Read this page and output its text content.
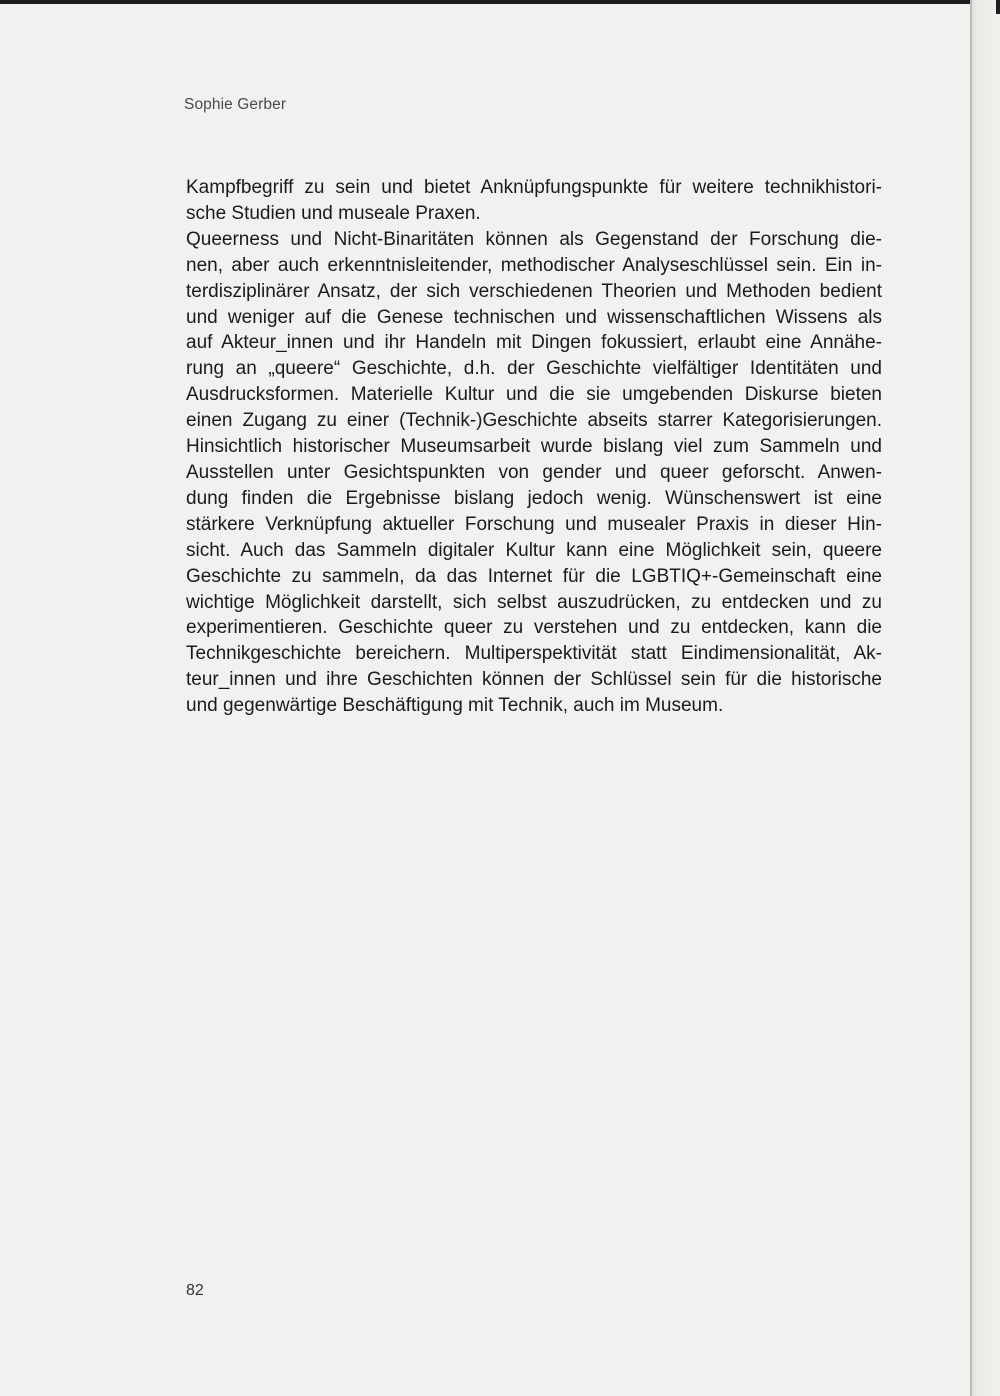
Sophie Gerber
Kampfbegriff zu sein und bietet Anknüpfungspunkte für weitere technikhistori-
sche Studien und museale Praxen.
Queerness und Nicht-Binaritäten können als Gegenstand der Forschung die-
nen, aber auch erkenntnisleitender, methodischer Analyseschlüssel sein. Ein in-
terdisziplinärer Ansatz, der sich verschiedenen Theorien und Methoden bedient
und weniger auf die Genese technischen und wissenschaftlichen Wissens als
auf Akteur_innen und ihr Handeln mit Dingen fokussiert, erlaubt eine Annähe-
rung an „queere“ Geschichte, d.h. der Geschichte vielfältiger Identitäten und
Ausdrucksformen. Materielle Kultur und die sie umgebenden Diskurse bieten
einen Zugang zu einer (Technik-)Geschichte abseits starrer Kategorisierungen.
Hinsichtlich historischer Museumsarbeit wurde bislang viel zum Sammeln und
Ausstellen unter Gesichtspunkten von gender und queer geforscht. Anwen-
dung finden die Ergebnisse bislang jedoch wenig. Wünschenswert ist eine
stärkere Verknüpfung aktueller Forschung und musealer Praxis in dieser Hin-
sicht. Auch das Sammeln digitaler Kultur kann eine Möglichkeit sein, queere
Geschichte zu sammeln, da das Internet für die LGBTIQ+-Gemeinschaft eine
wichtige Möglichkeit darstellt, sich selbst auszudrücken, zu entdecken und zu
experimentieren. Geschichte queer zu verstehen und zu entdecken, kann die
Technikgeschichte bereichern. Multiperspektivität statt Eindimensionalität, Ak-
teur_innen und ihre Geschichten können der Schlüssel sein für die historische
und gegenwärtige Beschäftigung mit Technik, auch im Museum.
82
